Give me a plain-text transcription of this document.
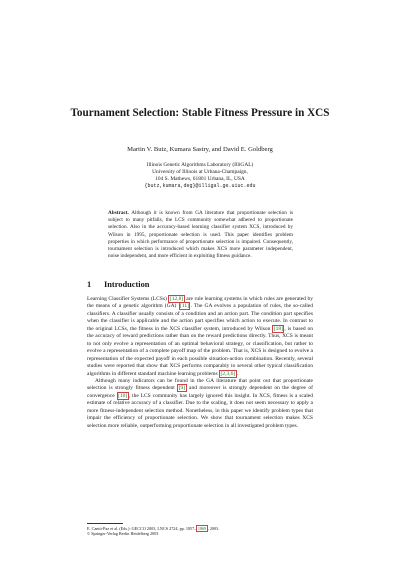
Tournament Selection: Stable Fitness Pressure in XCS
Martin V. Butz, Kumara Sastry, and David E. Goldberg
Illinois Genetic Algorithms Laboratory (IlliGAL)
University of Illinois at Urbana-Champaign,
104 S. Mathews, 61801 Urbana, IL, USA
{butz,kumara,deg}@illigal.ge.uiuc.edu
Abstract. Although it is known from GA literature that proportionate selection is subject to many pitfalls, the LCS community somewhat adhered to proportionate selection. Also in the accuracy-based learning classifier system XCS, introduced by Wilson in 1995, proportionate selection is used. This paper identifies problem properties in which performance of proportionate selection is impaired. Consequently, tournament selection is introduced which makes XCS more parameter independent, noise independent, and more efficient in exploiting fitness guidance.
1 Introduction

Learning Classifier Systems (LCSs) [12,8] are rule learning systems in which rules are generated by the means of a genetic algorithm (GA) [11] . The GA evolves a population of rules, the so-called classifiers. A classifier usually consists of a condition and an action part. The condition part specifies when the classifier is applicable and the action part specifies which action to execute. In contrast to the original LCSs, the fitness in the XCS classifier system, introduced by Wilson [18] , is based on the accuracy of reward predictions rather than on the reward predictions directly. Thus, XCS is meant to not only evolve a representation of an optimal behavioral strategy, or classification, but rather to evolve a representation of a complete payoff map of the problem. That is, XCS is designed to evolve a representation of the expected payoff in each possible situation-action combination. Recently, several studies were reported that show that XCS performs comparably to several other typical classification algorithms in different standard machine learning problems [2,3,6] .

Although many indicators can be found in the GA literature that point out that proportionate selection is strongly fitness dependent [9] and moreover is strongly dependent on the degree of convergence [10] , the LCS community has largely ignored this insight. In XCS, fitness is a scaled estimate of relative accuracy of a classifier. Due to the scaling, it does not seem necessary to apply a more fitness-independent selection method. Nonetheless, in this paper we identify problem types that impair the efficiency of proportionate selection. We show that tournament selection makes XCS selection more reliable, outperforming proportionate selection in all investigated problem types.

E. Cantú-Paz et al. (Eds.): GECCO 2003, LNCS 2724, pp. 1857– 1869 , 2003.
© Springer-Verlag Berlin Heidelberg 2003
